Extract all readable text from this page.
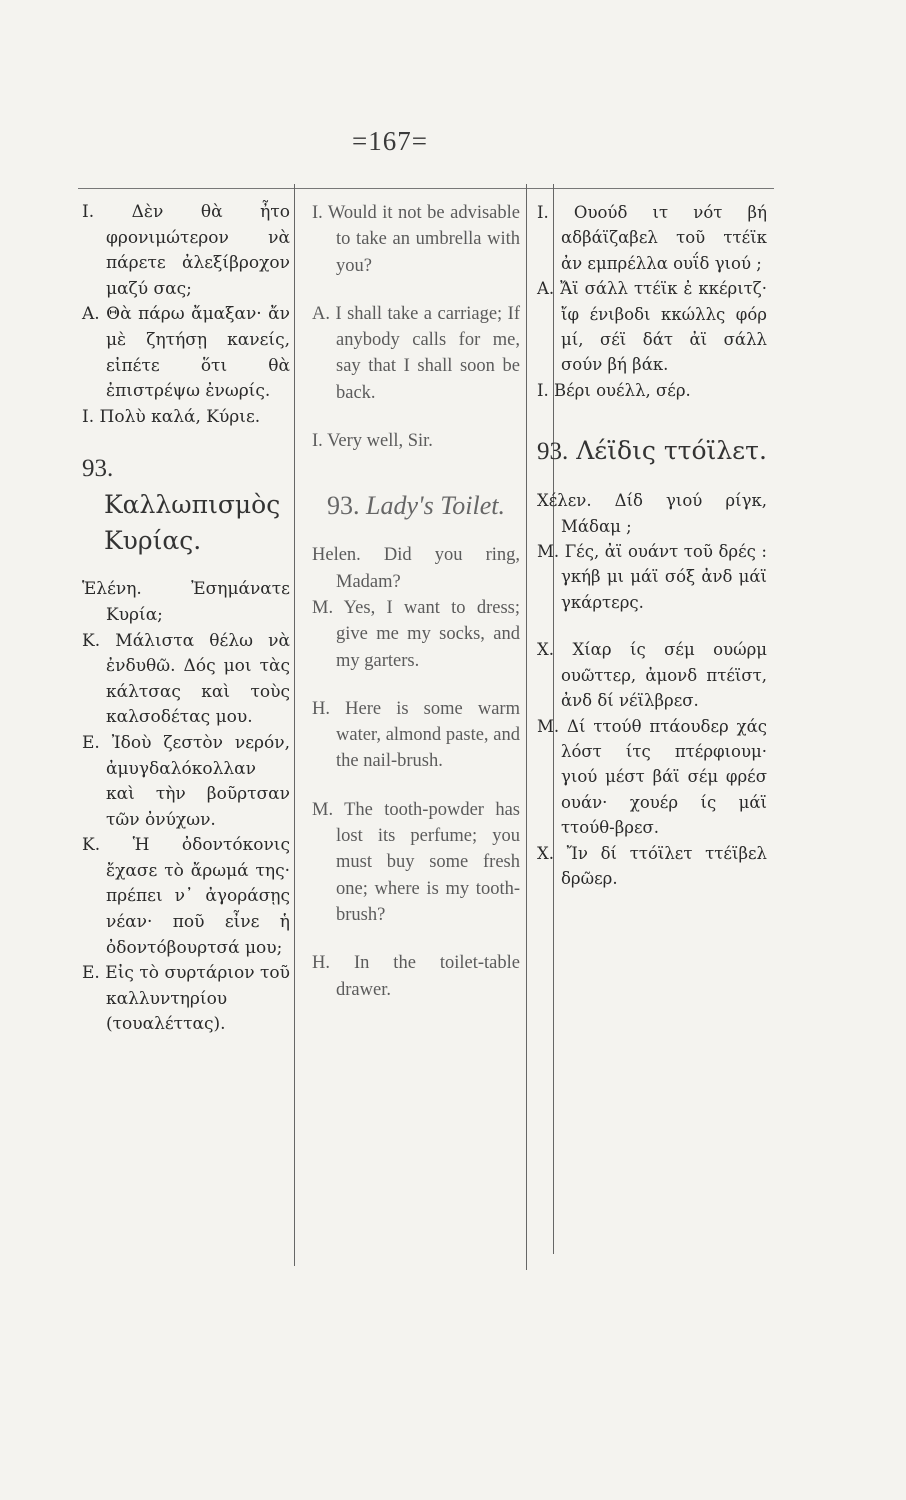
=167=

Ι. Δὲν θὰ ἦτο φρονιμώτερον νὰ πάρετε ἀλεξίβροχον μαζύ σας;

Α. Θὰ πάρω ἄμαξαν· ἄν μὲ ζητήσῃ κανείς, εἰπέτε ὅτι θὰ ἐπιστρέψω ἐνωρίς.

Ι. Πολὺ καλά, Κύριε.

93. Καλλωπισμὸς Κυρίας.

Ἑλένη. Ἐσημάνατε Κυρία;

Κ. Μάλιστα θέλω νὰ ἐνδυθῶ. Δός μοι τὰς κάλτσας καὶ τοὺς καλσοδέτας μου.

Ε. Ἰδοὺ ζεστὸν νερόν, ἀμυγδαλόκολλαν καὶ τὴν βοῦρτσαν τῶν ὀνύχων.

Κ. Ἡ ὀδοντόκονις ἔχασε τὸ ἄρωμά της· πρέπει ν᾽ ἀγοράσῃς νέαν· ποῦ εἶνε ἡ ὀδοντόβουρτσά μου;

Ε. Εἰς τὸ συρτάριον τοῦ καλλυντηρίου (τουαλέττας).

I. Would it not be advisable to take an umbrella with you?

A. I shall take a carriage; If anybody calls for me, say that I shall soon be back.

I. Very well, Sir.

93. Lady's Toilet.

Helen. Did you ring, Madam?

M. Yes, I want to dress; give me my socks, and my garters.

H. Here is some warm water, almond paste, and the nail-brush.

M. The tooth-powder has lost its perfume; you must buy some fresh one; where is my tooth- brush?

H. In the toilet-table drawer.

Ι. Ουούδ ιτ νότ βή αδβάϊζαβελ τοῦ ττέϊκ ἀν εμπρέλλα ουΐδ γιού ;

Α. Ἄϊ σάλλ ττέϊκ ἐ κκέριτζ· ἴφ ένιβοδι κκώλλς φόρ μί, σέϊ δάτ ἀϊ σάλλ σούν βή βάκ.

Ι. Βέρι ουέλλ, σέρ.

93. Λέϊδις ττόϊλετ.

Χέλεν. Δίδ γιού ρίγκ, Μάδαμ ;

Μ. Γές, ἀϊ ουάντ τοῦ δρές : γκήβ μι μάϊ σόξ ἀνδ μάϊ γκάρτερς.

Χ. Χίαρ ίς σέμ ουώρμ ουῶττερ, ἀμονδ πτέϊστ, ἀνδ δί νέϊλβρεσ.

Μ. Δί ττούθ πτάουδερ χάς λόστ ίτς πτέρφιουμ· γιού μέστ βάϊ σέμ φρέσ ουάν· χουέρ ίς μάϊ ττούθ-βρεσ.

Χ. Ἴν δί ττόϊλετ ττέϊβελ δρῶερ.
